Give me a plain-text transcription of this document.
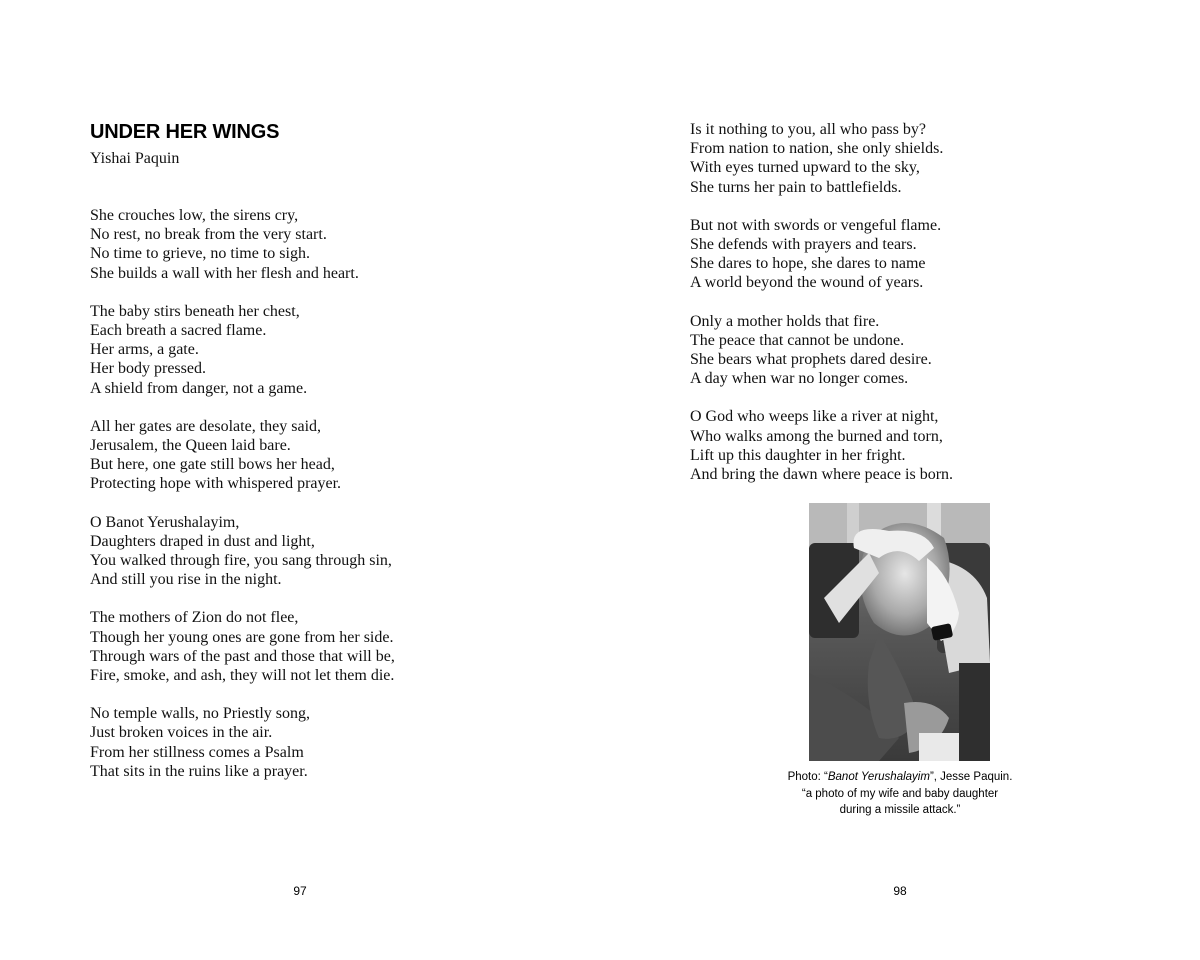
UNDER HER WINGS
Yishai Paquin
She crouches low, the sirens cry,
No rest, no break from the very start.
No time to grieve, no time to sigh.
She builds a wall with her flesh and heart.
The baby stirs beneath her chest,
Each breath a sacred flame.
Her arms, a gate.
Her body pressed.
A shield from danger, not a game.
All her gates are desolate, they said,
Jerusalem, the Queen laid bare.
But here, one gate still bows her head,
Protecting hope with whispered prayer.
O Banot Yerushalayim,
Daughters draped in dust and light,
You walked through fire, you sang through sin,
And still you rise in the night.
The mothers of Zion do not flee,
Though her young ones are gone from her side.
Through wars of the past and those that will be,
Fire, smoke, and ash, they will not let them die.
No temple walls, no Priestly song,
Just broken voices in the air.
From her stillness comes a Psalm
That sits in the ruins like a prayer.
97
Is it nothing to you, all who pass by?
From nation to nation, she only shields.
With eyes turned upward to the sky,
She turns her pain to battlefields.
But not with swords or vengeful flame.
She defends with prayers and tears.
She dares to hope, she dares to name
A world beyond the wound of years.
Only a mother holds that fire.
The peace that cannot be undone.
She bears what prophets dared desire.
A day when war no longer comes.
O God who weeps like a river at night,
Who walks among the burned and torn,
Lift up this daughter in her fright.
And bring the dawn where peace is born.
Photo: “Banot Yerushalayim”, Jesse Paquin.
“a photo of my wife and baby daughter
during a missile attack.”
98
